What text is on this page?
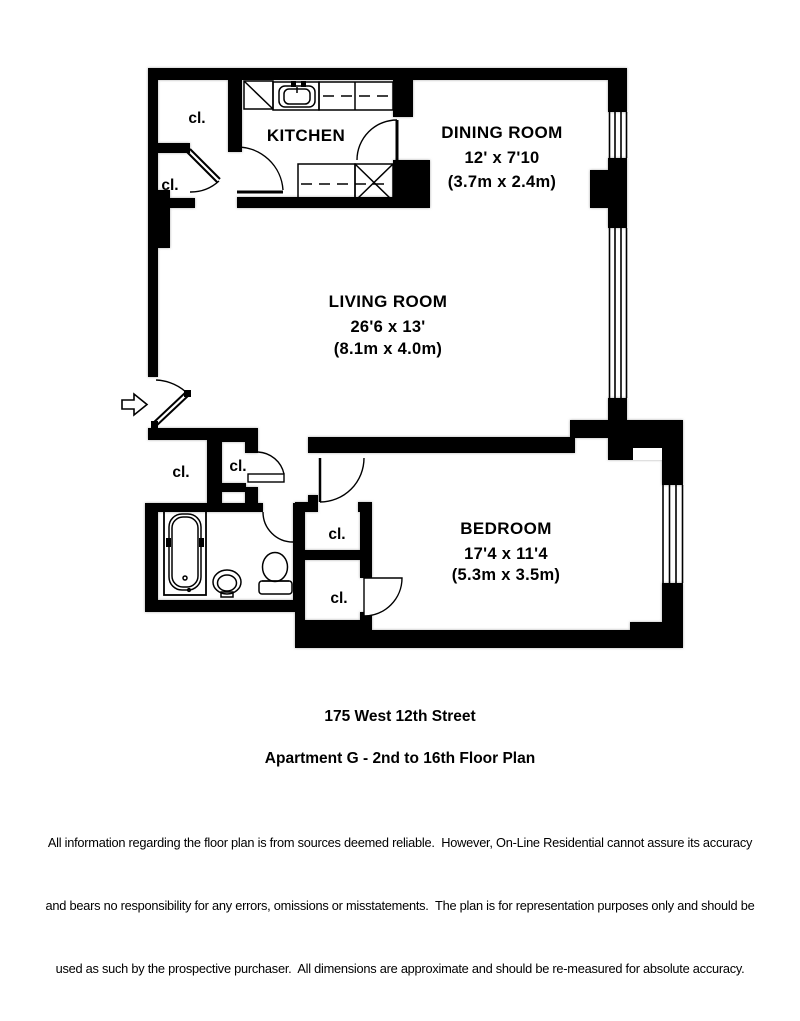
KITCHEN	DINING ROOM
12' x 7'10
(3.7m x 2.4m)
LIVING ROOM
26'6 x 13'
(8.1m x 4.0m)
BEDROOM
17'4 x 11'4
(5.3m x 3.5m)
cl.
cl.
cl.	cl.
cl.
cl.
175 West 12th Street
Apartment G - 2nd to 16th Floor Plan

All information regarding the floor plan is from sources deemed reliable.  However, On-Line Residential cannot assure its accuracy

and bears no responsibility for any errors, omissions or misstatements.  The plan is for representation purposes only and should be

used as such by the prospective purchaser.  All dimensions are approximate and should be re-measured for absolute accuracy.
